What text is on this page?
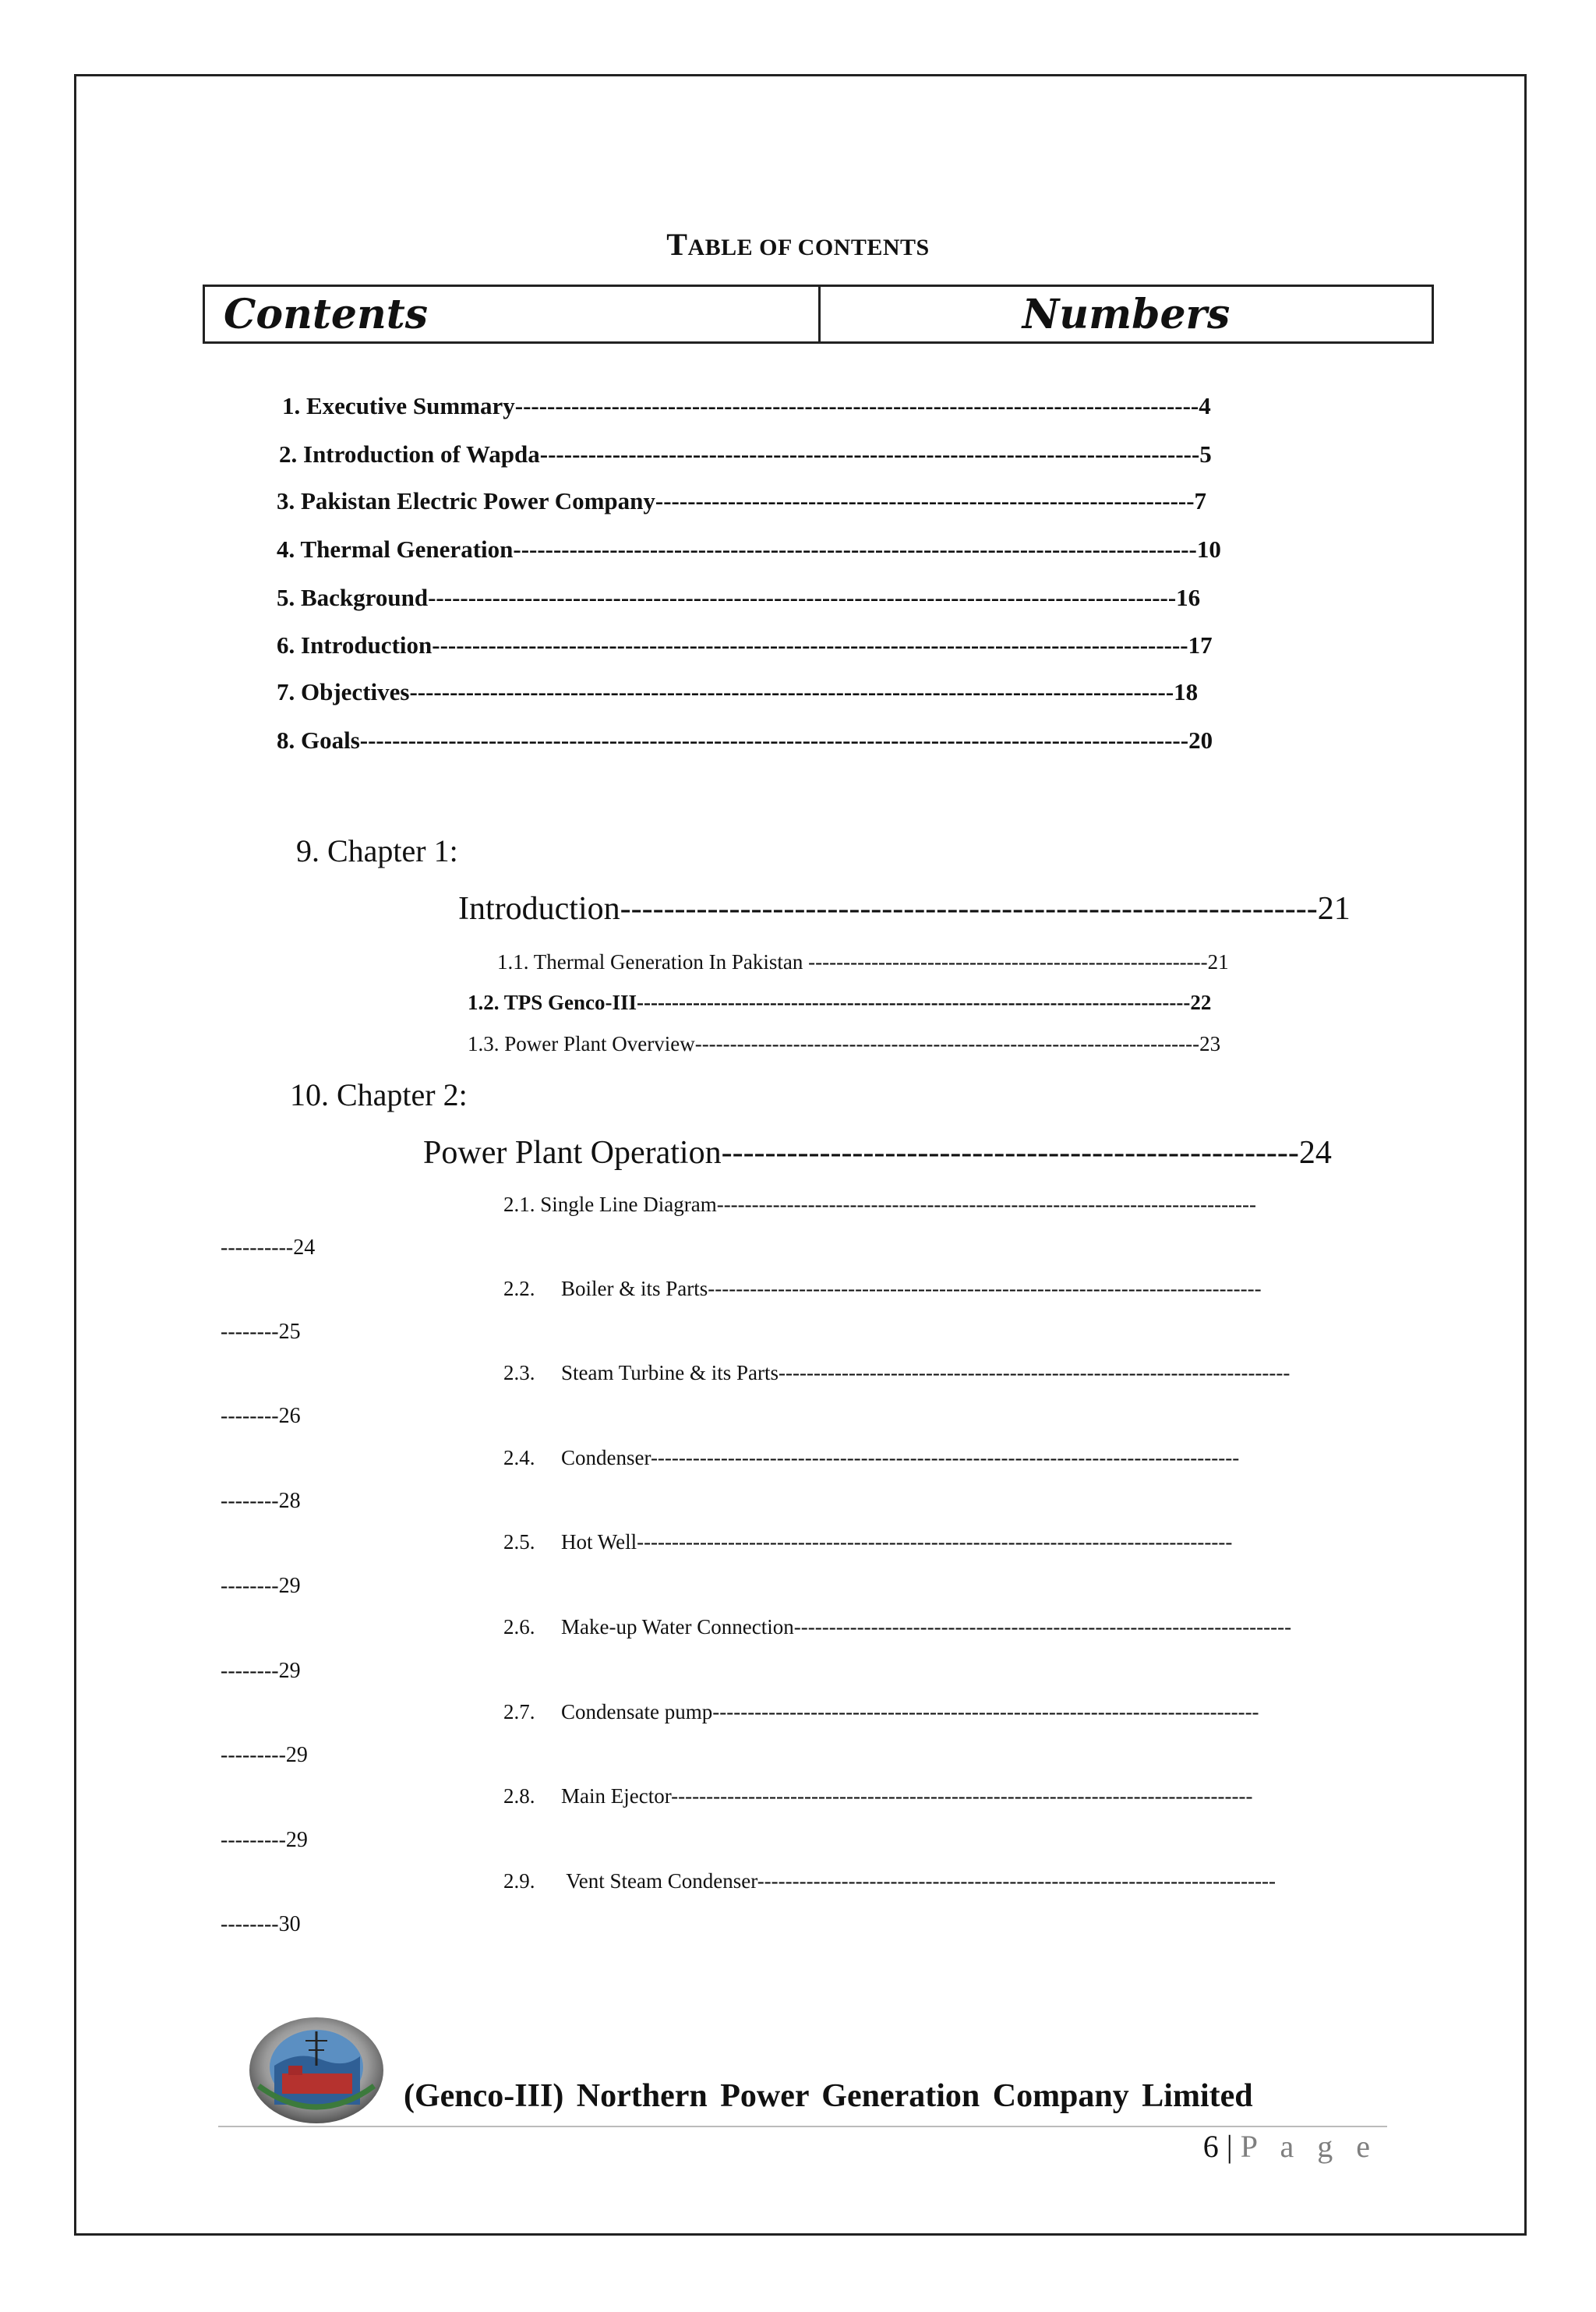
TABLE OF CONTENTS
Contents	Numbers
1. Executive Summary-------------------------------------------------------------------------------------4
2. Introduction of Wapda----------------------------------------------------------------------------------5
3. Pakistan Electric Power Company-------------------------------------------------------------------7
4. Thermal Generation-------------------------------------------------------------------------------------10
5. Background---------------------------------------------------------------------------------------------16
6. Introduction----------------------------------------------------------------------------------------------17
7. Objectives-----------------------------------------------------------------------------------------------18
8. Goals-------------------------------------------------------------------------------------------------------20
9. Chapter 1:
Introduction----------------------------------------------------------------21
1.1. Thermal Generation In Pakistan ---------------------------------------------------------21
1.2. TPS Genco-III-------------------------------------------------------------------------------22
1.3. Power Plant Overview------------------------------------------------------------------------23
10. Chapter 2:
Power Plant Operation-----------------------------------------------------24
2.1. Single Line Diagram-----------------------------------------------------------------------------
----------24
2.2. Boiler & its Parts-------------------------------------------------------------------------------
--------25
2.3. Steam Turbine & its Parts-------------------------------------------------------------------------
--------26
2.4. Condenser------------------------------------------------------------------------------------
--------28
2.5. Hot Well-------------------------------------------------------------------------------------
--------29
2.6. Make-up Water Connection-----------------------------------------------------------------------
--------29
2.7. Condensate pump------------------------------------------------------------------------------
---------29
2.8. Main Ejector-----------------------------------------------------------------------------------
---------29
2.9. Vent Steam Condenser--------------------------------------------------------------------------
--------30
(Genco-III) Northern Power Generation Company Limited
6 | P a g e
